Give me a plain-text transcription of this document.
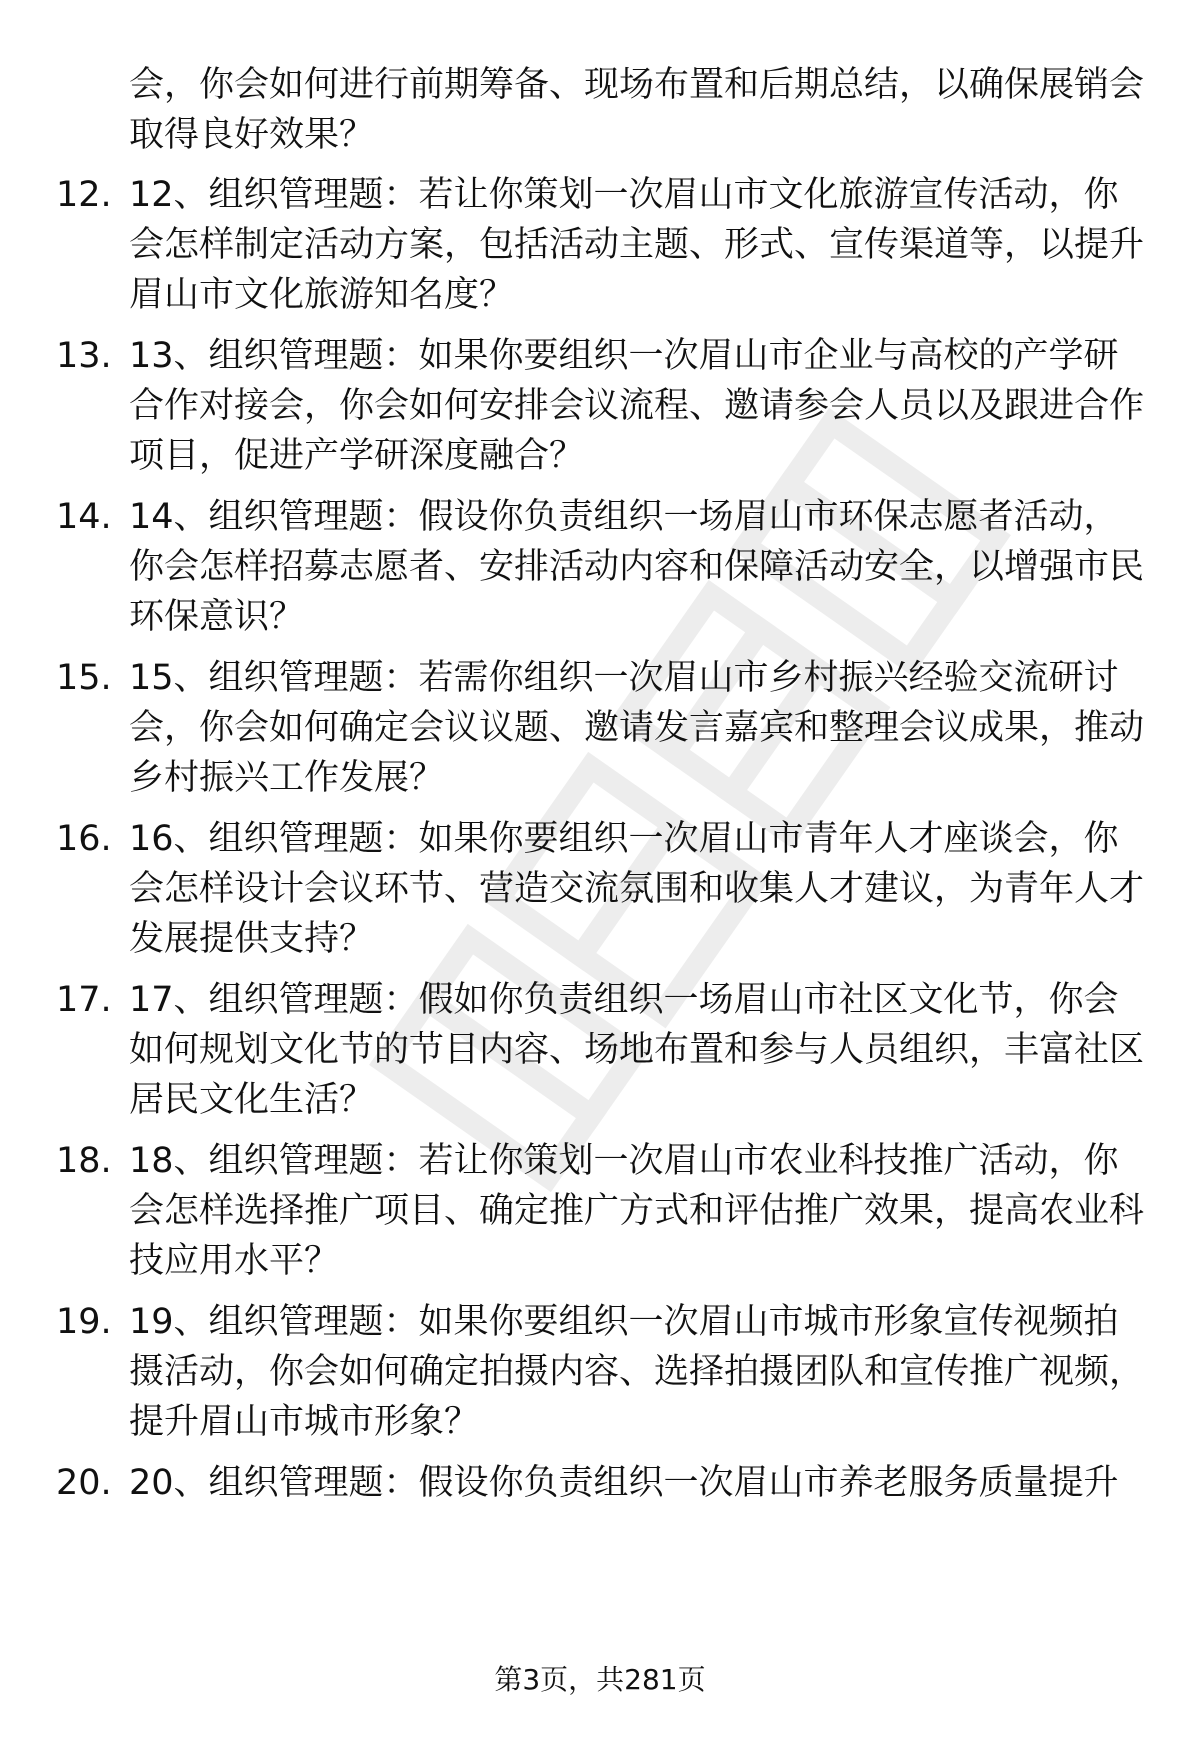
会，你会如何进行前期筹备、现场布置和后期总结，以确保展销会取得良好效果？
12. 12、组织管理题：若让你策划一次眉山市文化旅游宣传活动，你会怎样制定活动方案，包括活动主题、形式、宣传渠道等，以提升眉山市文化旅游知名度？
13. 13、组织管理题：如果你要组织一次眉山市企业与高校的产学研合作对接会，你会如何安排会议流程、邀请参会人员以及跟进合作项目，促进产学研深度融合？
14. 14、组织管理题：假设你负责组织一场眉山市环保志愿者活动，你会怎样招募志愿者、安排活动内容和保障活动安全，以增强市民环保意识？
15. 15、组织管理题：若需你组织一次眉山市乡村振兴经验交流研讨会，你会如何确定会议议题、邀请发言嘉宾和整理会议成果，推动乡村振兴工作发展？
16. 16、组织管理题：如果你要组织一次眉山市青年人才座谈会，你会怎样设计会议环节、营造交流氛围和收集人才建议，为青年人才发展提供支持？
17. 17、组织管理题：假如你负责组织一场眉山市社区文化节，你会如何规划文化节的节目内容、场地布置和参与人员组织，丰富社区居民文化生活？
18. 18、组织管理题：若让你策划一次眉山市农业科技推广活动，你会怎样选择推广项目、确定推广方式和评估推广效果，提高农业科技应用水平？
19. 19、组织管理题：如果你要组织一次眉山市城市形象宣传视频拍摄活动，你会如何确定拍摄内容、选择拍摄团队和宣传推广视频，提升眉山市城市形象？
20. 20、组织管理题：假设你负责组织一次眉山市养老服务质量提升
第3页，共281页
